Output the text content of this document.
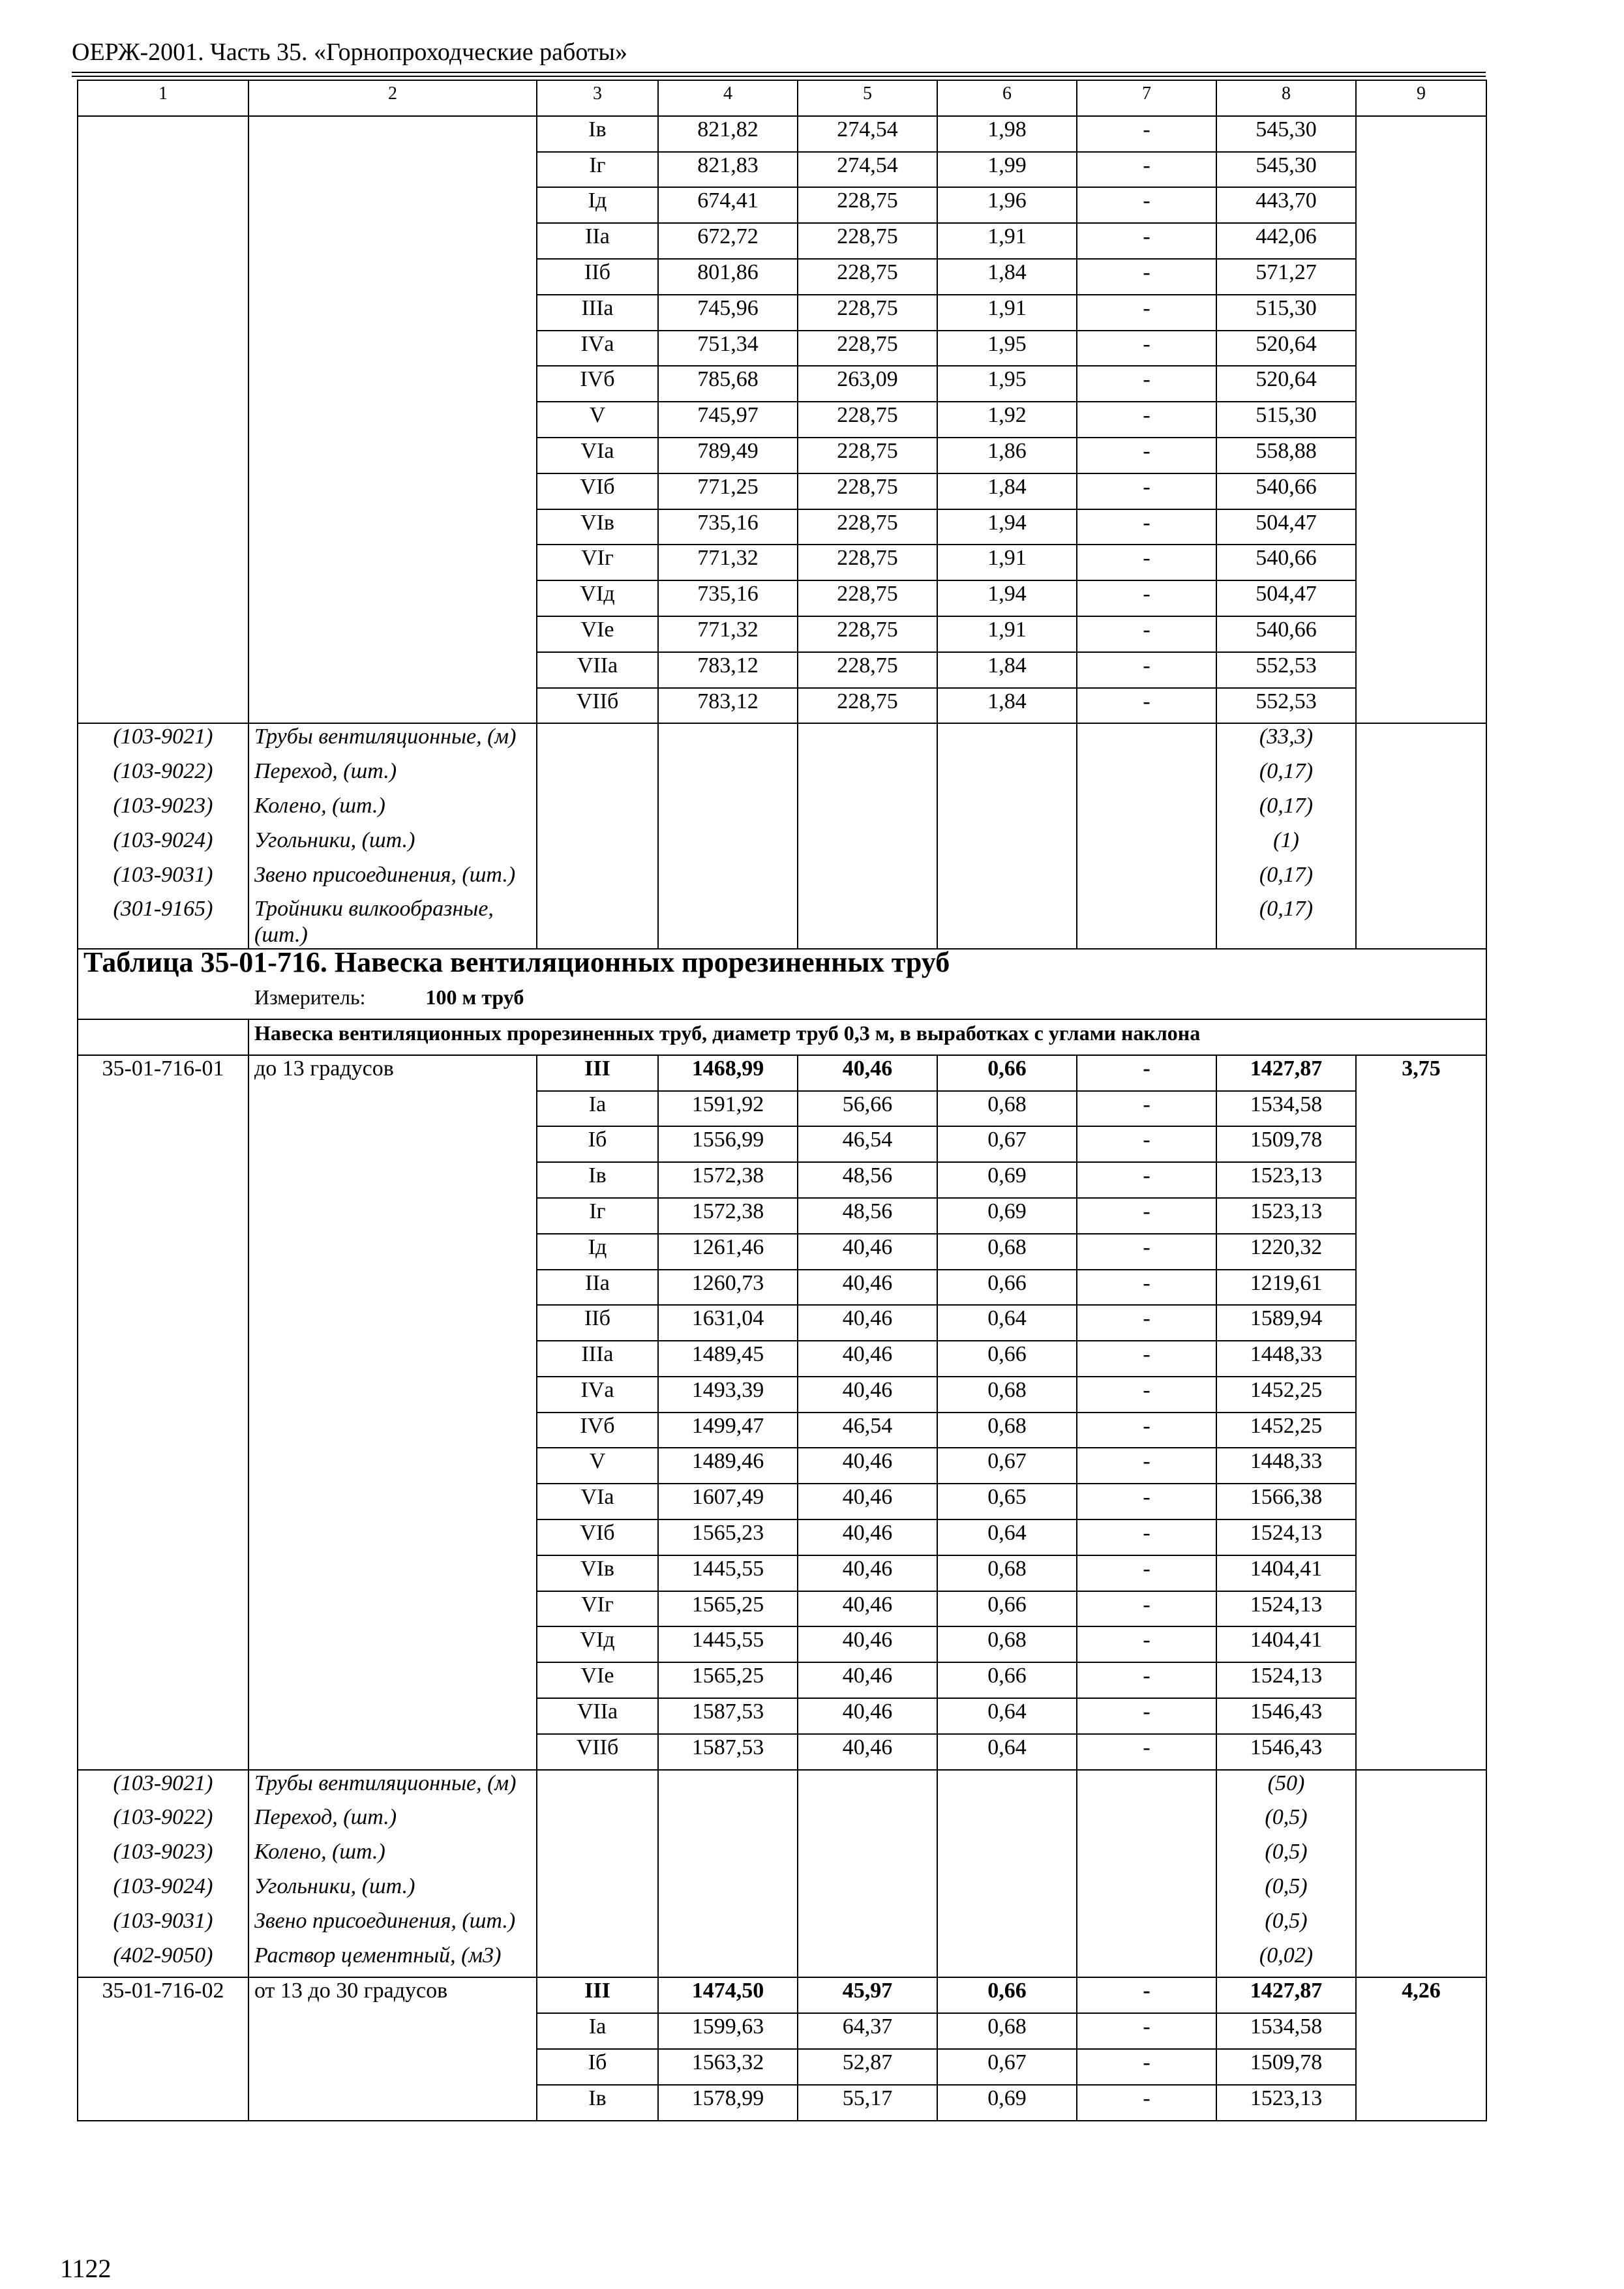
ОЕРЖ-2001. Часть 35. «Горнопроходческие работы»
1	2	3	4	5	6	7	8	9
		Iв	821,82	274,54	1,98	-	545,30	
		Iг	821,83	274,54	1,99	-	545,30	
		Iд	674,41	228,75	1,96	-	443,70	
		IIа	672,72	228,75	1,91	-	442,06	
		IIб	801,86	228,75	1,84	-	571,27	
		IIIа	745,96	228,75	1,91	-	515,30	
		IVа	751,34	228,75	1,95	-	520,64	
		IVб	785,68	263,09	1,95	-	520,64	
		V	745,97	228,75	1,92	-	515,30	
		VIа	789,49	228,75	1,86	-	558,88	
		VIб	771,25	228,75	1,84	-	540,66	
		VIв	735,16	228,75	1,94	-	504,47	
		VIг	771,32	228,75	1,91	-	540,66	
		VIд	735,16	228,75	1,94	-	504,47	
		VIе	771,32	228,75	1,91	-	540,66	
		VIIа	783,12	228,75	1,84	-	552,53	
		VIIб	783,12	228,75	1,84	-	552,53	
(103-9021)	Трубы вентиляционные, (м)						(33,3)	
(103-9022)	Переход, (шт.)						(0,17)	
(103-9023)	Колено, (шт.)						(0,17)	
(103-9024)	Угольники, (шт.)						(1)	
(103-9031)	Звено присоединения, (шт.)						(0,17)	
(301-9165)	Тройники вилкообразные, (шт.)						(0,17)	
Таблица 35-01-716. Навеска вентиляционных прорезиненных труб								
Измеритель: 100 м труб								
	Навеска вентиляционных прорезиненных труб, диаметр труб 0,3 м, в выработках с углами наклона							
35-01-716-01	до 13 градусов	III	1468,99	40,46	0,66	-	1427,87	3,75
		Iа	1591,92	56,66	0,68	-	1534,58	
		Iб	1556,99	46,54	0,67	-	1509,78	
		Iв	1572,38	48,56	0,69	-	1523,13	
		Iг	1572,38	48,56	0,69	-	1523,13	
		Iд	1261,46	40,46	0,68	-	1220,32	
		IIа	1260,73	40,46	0,66	-	1219,61	
		IIб	1631,04	40,46	0,64	-	1589,94	
		IIIа	1489,45	40,46	0,66	-	1448,33	
		IVа	1493,39	40,46	0,68	-	1452,25	
		IVб	1499,47	46,54	0,68	-	1452,25	
		V	1489,46	40,46	0,67	-	1448,33	
		VIа	1607,49	40,46	0,65	-	1566,38	
		VIб	1565,23	40,46	0,64	-	1524,13	
		VIв	1445,55	40,46	0,68	-	1404,41	
		VIг	1565,25	40,46	0,66	-	1524,13	
		VIд	1445,55	40,46	0,68	-	1404,41	
		VIе	1565,25	40,46	0,66	-	1524,13	
		VIIа	1587,53	40,46	0,64	-	1546,43	
		VIIб	1587,53	40,46	0,64	-	1546,43	
(103-9021)	Трубы вентиляционные, (м)						(50)	
(103-9022)	Переход, (шт.)						(0,5)	
(103-9023)	Колено, (шт.)						(0,5)	
(103-9024)	Угольники, (шт.)						(0,5)	
(103-9031)	Звено присоединения, (шт.)						(0,5)	
(402-9050)	Раствор цементный, (м3)						(0,02)	
35-01-716-02	от 13 до 30 градусов	III	1474,50	45,97	0,66	-	1427,87	4,26
		Iа	1599,63	64,37	0,68	-	1534,58	
		Iб	1563,32	52,87	0,67	-	1509,78	
		Iв	1578,99	55,17	0,69	-	1523,13	
1122
